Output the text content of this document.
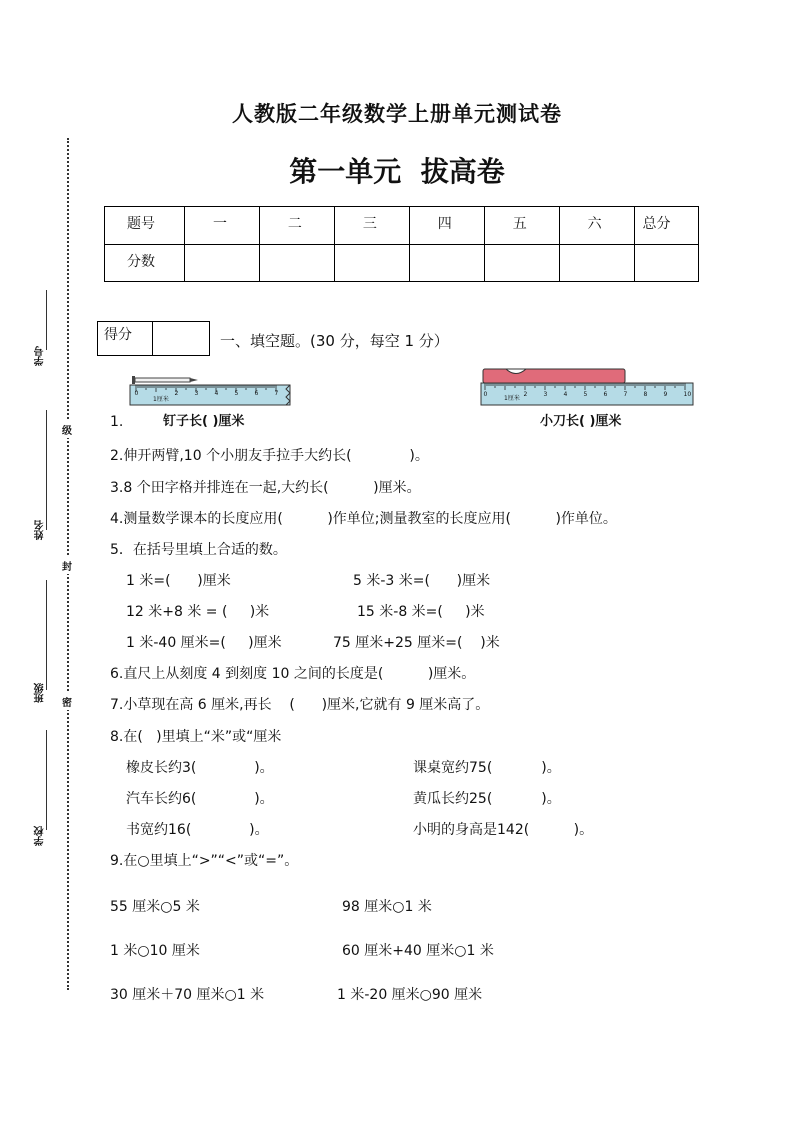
学号
姓名
班级
学校
级
封
密
人教版二年级数学上册单元测试卷
第一单元  拔高卷
题号	一	二	三	四	五	六	总分
分数							
得分	一、填空题。(30 分，每空 1 分）
0	2	3	4	5	6	7
1厘米
1.	钉子长( )厘米
0	2	3	4	5	6	7	8	9	10
1厘米
小刀长( )厘米
2.伸开两臂,10 个小朋友手拉手大约长(             )。
3.8 个田字格并排连在一起,大约长(          )厘米。
4.测量数学课本的长度应用(          )作单位;测量教室的长度应用(          )作单位。
5．在括号里填上合适的数。
1 米=(      )厘米	5 米-3 米=(      )厘米
12 米+8 米 = (     )米	15 米-8 米=(     )米
1 米-40 厘米=(     )厘米	75 厘米+25 厘米=(    )米
6.直尺上从刻度 4 到刻度 10 之间的长度是(          )厘米。
7.小草现在高 6 厘米,再长    (      )厘米,它就有 9 厘米高了。
8.在(   )里填上“米”或“厘米
橡皮长约3(             )。	课桌宽约75(           )。
汽车长约6(             )。	黄瓜长约25(           )。
书宽约16(             )。	小明的身高是142(          )。
9.在○里填上“>”“<”或“=”。
55 厘米○5 米	98 厘米○1 米
1 米○10 厘米	60 厘米+40 厘米○1 米
30 厘米＋70 厘米○1 米	1 米-20 厘米○90 厘米
